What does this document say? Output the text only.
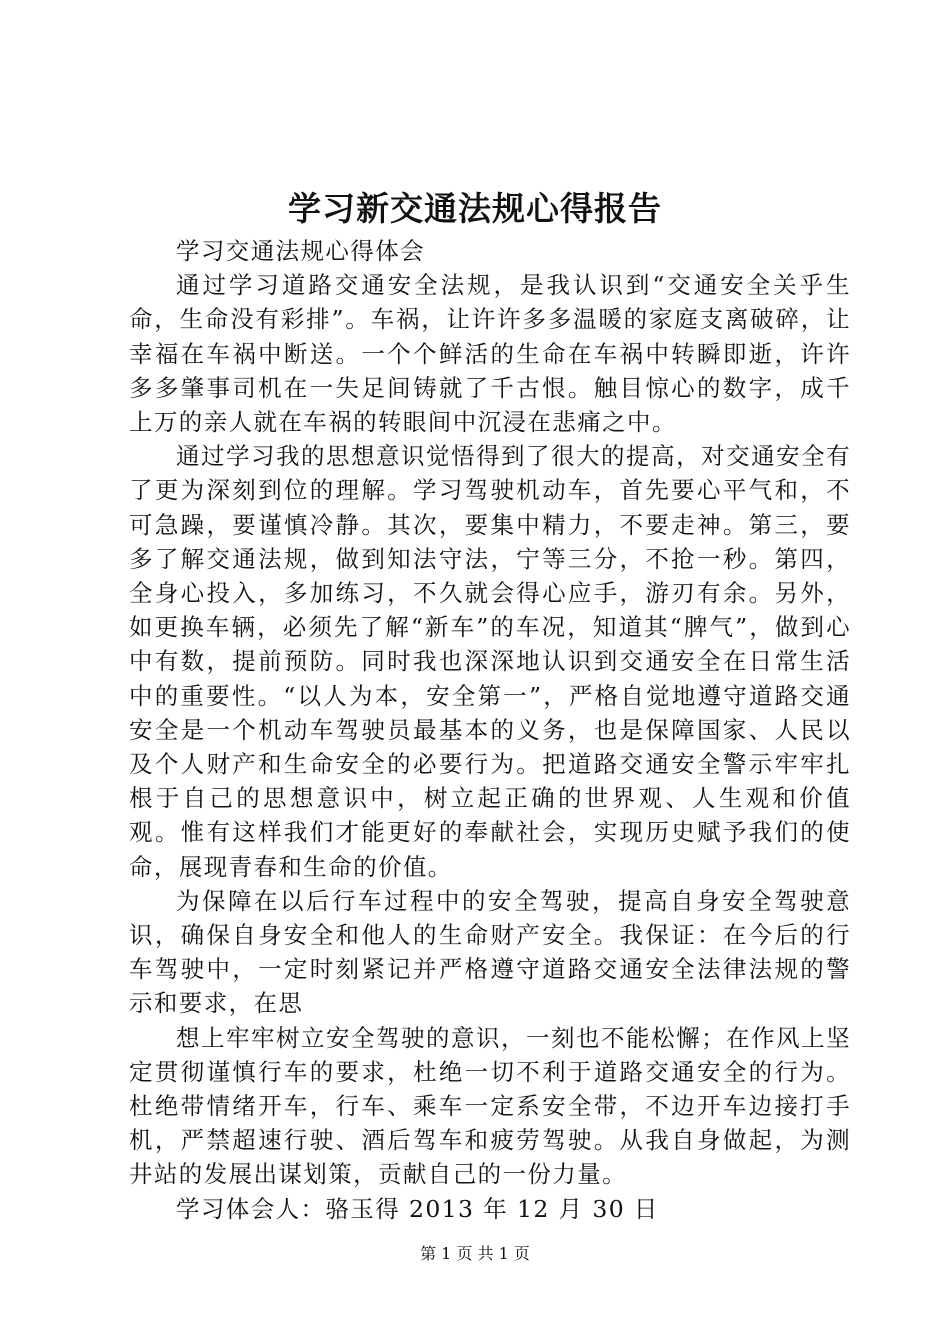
学习新交通法规心得报告

学习交通法规心得体会

通过学习道路交通安全法规，是我认识到“交通安全关乎生命，生命没有彩排”。车祸，让许许多多温暖的家庭支离破碎，让幸福在车祸中断送。一个个鲜活的生命在车祸中转瞬即逝，许许多多肇事司机在一失足间铸就了千古恨。触目惊心的数字，成千上万的亲人就在车祸的转眼间中沉浸在悲痛之中。

通过学习我的思想意识觉悟得到了很大的提高，对交通安全有了更为深刻到位的理解。学习驾驶机动车，首先要心平气和，不可急躁，要谨慎冷静。其次，要集中精力，不要走神。第三，要多了解交通法规，做到知法守法，宁等三分，不抢一秒。第四，全身心投入，多加练习，不久就会得心应手，游刃有余。另外，如更换车辆，必须先了解“新车”的车况，知道其“脾气”，做到心中有数，提前预防。同时我也深深地认识到交通安全在日常生活中的重要性。“以人为本，安全第一”，严格自觉地遵守道路交通安全是一个机动车驾驶员最基本的义务，也是保障国家、人民以及个人财产和生命安全的必要行为。把道路交通安全警示牢牢扎根于自己的思想意识中，树立起正确的世界观、人生观和价值观。惟有这样我们才能更好的奉献社会，实现历史赋予我们的使命，展现青春和生命的价值。

为保障在以后行车过程中的安全驾驶，提高自身安全驾驶意识，确保自身安全和他人的生命财产安全。我保证：在今后的行车驾驶中，一定时刻紧记并严格遵守道路交通安全法律法规的警示和要求，在思

想上牢牢树立安全驾驶的意识，一刻也不能松懈；在作风上坚定贯彻谨慎行车的要求，杜绝一切不利于道路交通安全的行为。杜绝带情绪开车，行车、乘车一定系安全带，不边开车边接打手机，严禁超速行驶、酒后驾车和疲劳驾驶。从我自身做起，为测井站的发展出谋划策，贡献自己的一份力量。

学习体会人：骆玉得 2013 年 12 月 30 日

第 1 页 共 1 页
